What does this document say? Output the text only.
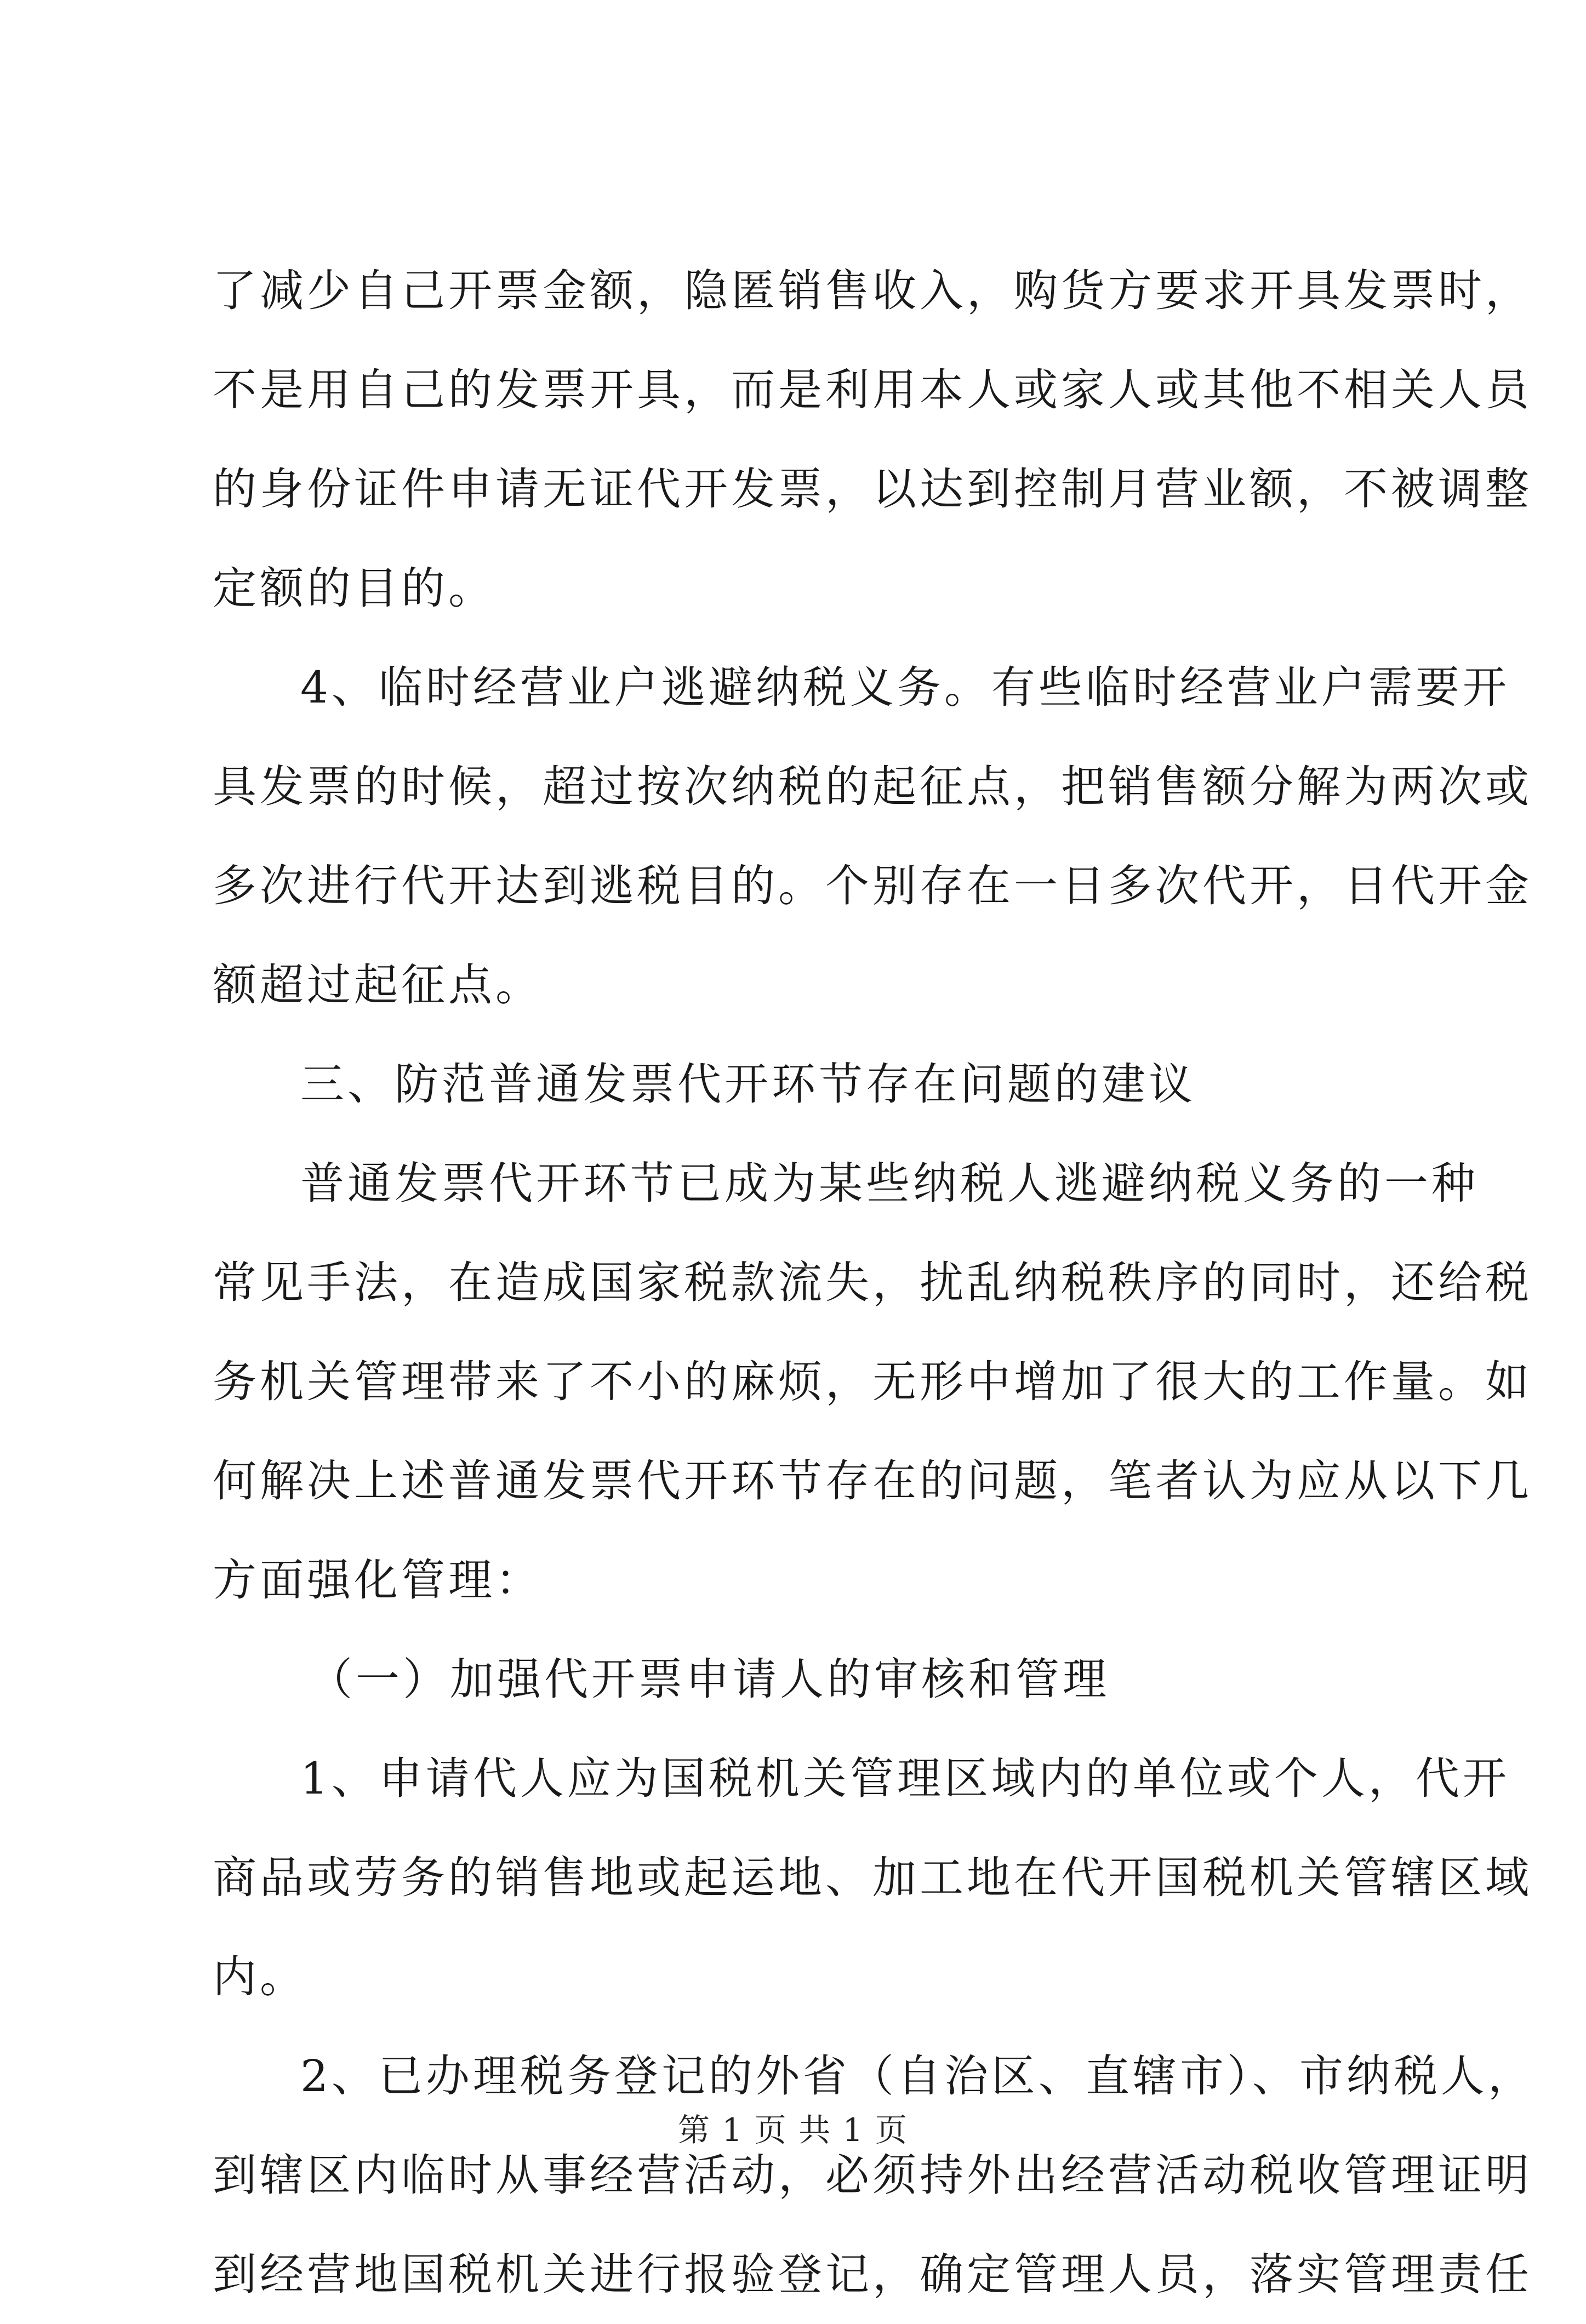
了减少自己开票金额，隐匿销售收入，购货方要求开具发票时，
不是用自己的发票开具，而是利用本人或家人或其他不相关人员
的身份证件申请无证代开发票，以达到控制月营业额，不被调整
定额的目的。
4、临时经营业户逃避纳税义务。有些临时经营业户需要开
具发票的时候，超过按次纳税的起征点，把销售额分解为两次或
多次进行代开达到逃税目的。个别存在一日多次代开，日代开金
额超过起征点。
三、防范普通发票代开环节存在问题的建议
普通发票代开环节已成为某些纳税人逃避纳税义务的一种
常见手法，在造成国家税款流失，扰乱纳税秩序的同时，还给税
务机关管理带来了不小的麻烦，无形中增加了很大的工作量。如
何解决上述普通发票代开环节存在的问题，笔者认为应从以下几
方面强化管理：
（一）加强代开票申请人的审核和管理
1、申请代人应为国税机关管理区域内的单位或个人，代开
商品或劳务的销售地或起运地、加工地在代开国税机关管辖区域
内。
2、已办理税务登记的外省（自治区、直辖市）、市纳税人，
到辖区内临时从事经营活动，必须持外出经营活动税收管理证明
到经营地国税机关进行报验登记，确定管理人员，落实管理责任
第 1 页 共 1 页
